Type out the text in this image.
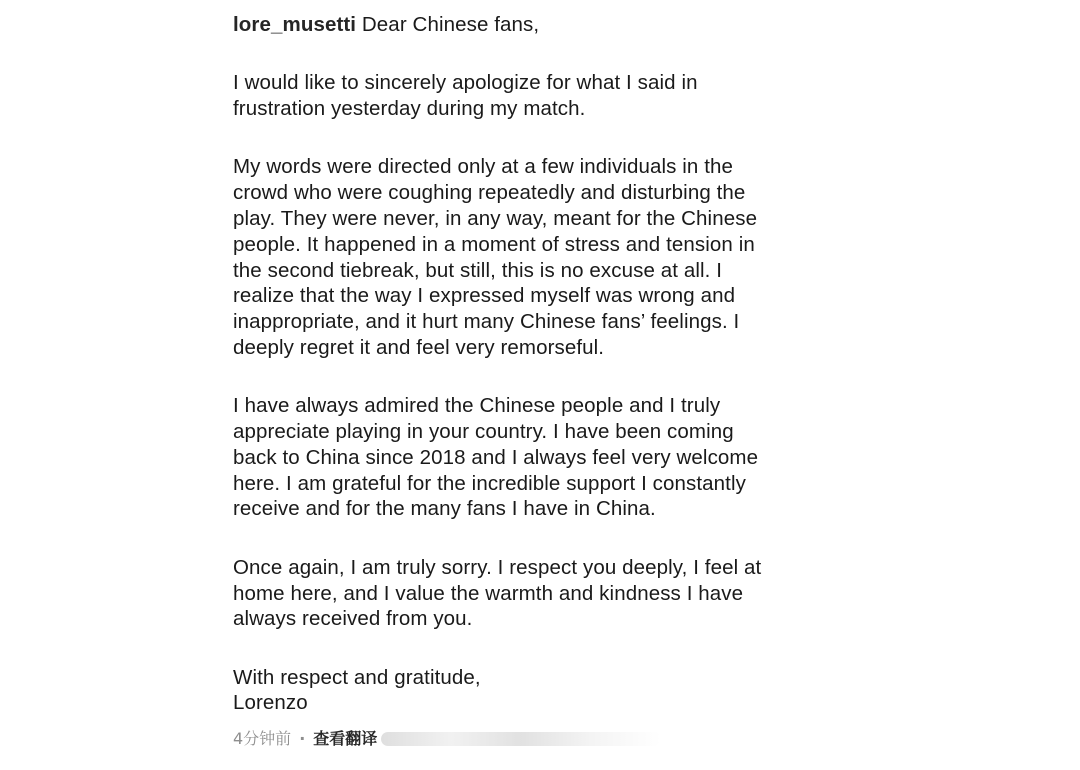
lore_musetti Dear Chinese fans,
I would like to sincerely apologize for what I said in
frustration yesterday during my match.
My words were directed only at a few individuals in the
crowd who were coughing repeatedly and disturbing the
play. They were never, in any way, meant for the Chinese
people. It happened in a moment of stress and tension in
the second tiebreak, but still, this is no excuse at all. I
realize that the way I expressed myself was wrong and
inappropriate, and it hurt many Chinese fans’ feelings. I
deeply regret it and feel very remorseful.
I have always admired the Chinese people and I truly
appreciate playing in your country. I have been coming
back to China since 2018 and I always feel very welcome
here. I am grateful for the incredible support I constantly
receive and for the many fans I have in China.
Once again, I am truly sorry. I respect you deeply, I feel at
home here, and I value the warmth and kindness I have
always received from you.
With respect and gratitude,
Lorenzo
4分钟前 · 查看翻译
